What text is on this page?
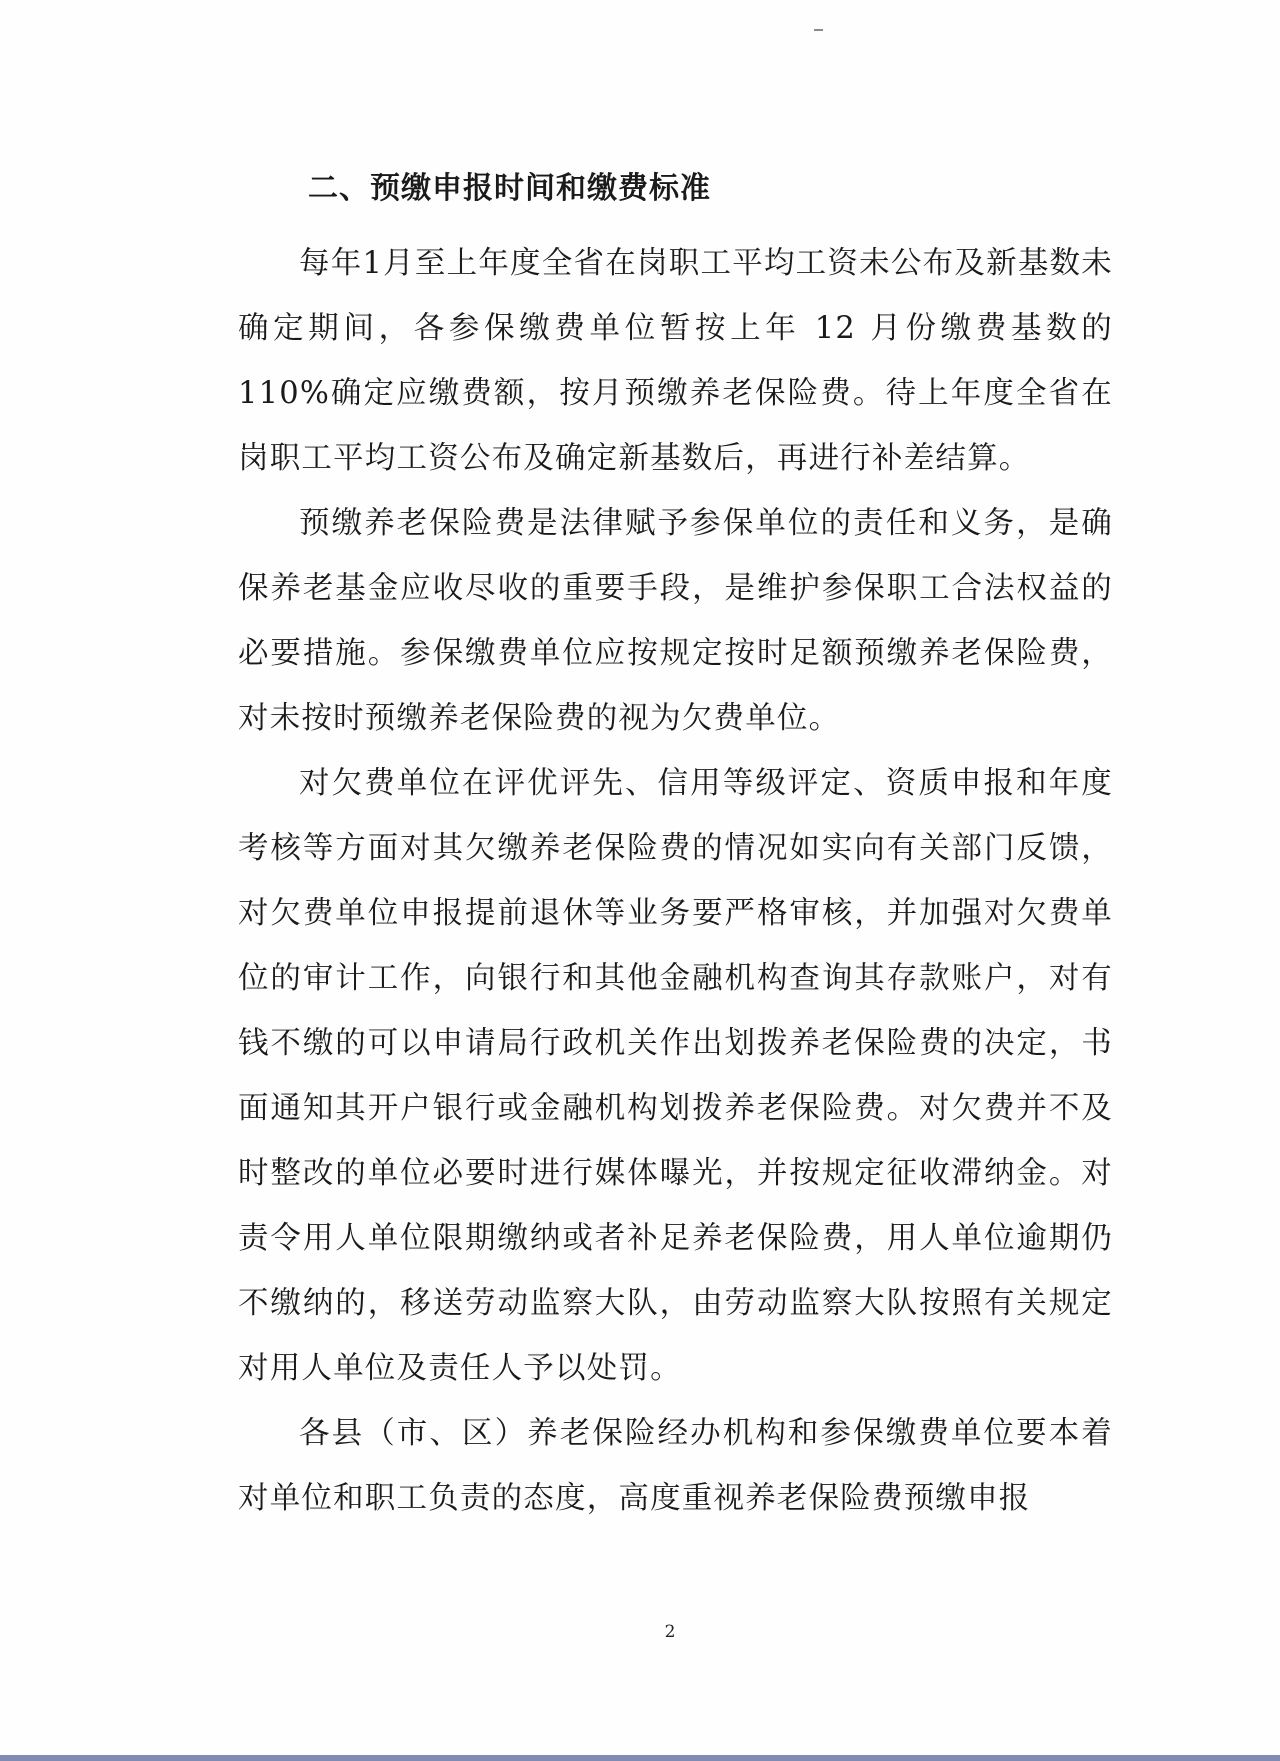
二、预缴申报时间和缴费标准

每年1月至上年度全省在岗职工平均工资未公布及新基数未确定期间，各参保缴费单位暂按上年 12 月份缴费基数的110%确定应缴费额，按月预缴养老保险费。待上年度全省在岗职工平均工资公布及确定新基数后，再进行补差结算。

预缴养老保险费是法律赋予参保单位的责任和义务，是确保养老基金应收尽收的重要手段，是维护参保职工合法权益的必要措施。参保缴费单位应按规定按时足额预缴养老保险费，对未按时预缴养老保险费的视为欠费单位。

对欠费单位在评优评先、信用等级评定、资质申报和年度考核等方面对其欠缴养老保险费的情况如实向有关部门反馈，对欠费单位申报提前退休等业务要严格审核，并加强对欠费单位的审计工作，向银行和其他金融机构查询其存款账户，对有钱不缴的可以申请局行政机关作出划拨养老保险费的决定，书面通知其开户银行或金融机构划拨养老保险费。对欠费并不及时整改的单位必要时进行媒体曝光，并按规定征收滞纳金。对责令用人单位限期缴纳或者补足养老保险费，用人单位逾期仍不缴纳的，移送劳动监察大队，由劳动监察大队按照有关规定对用人单位及责任人予以处罚。

各县（市、区）养老保险经办机构和参保缴费单位要本着对单位和职工负责的态度，高度重视养老保险费预缴申报

2
